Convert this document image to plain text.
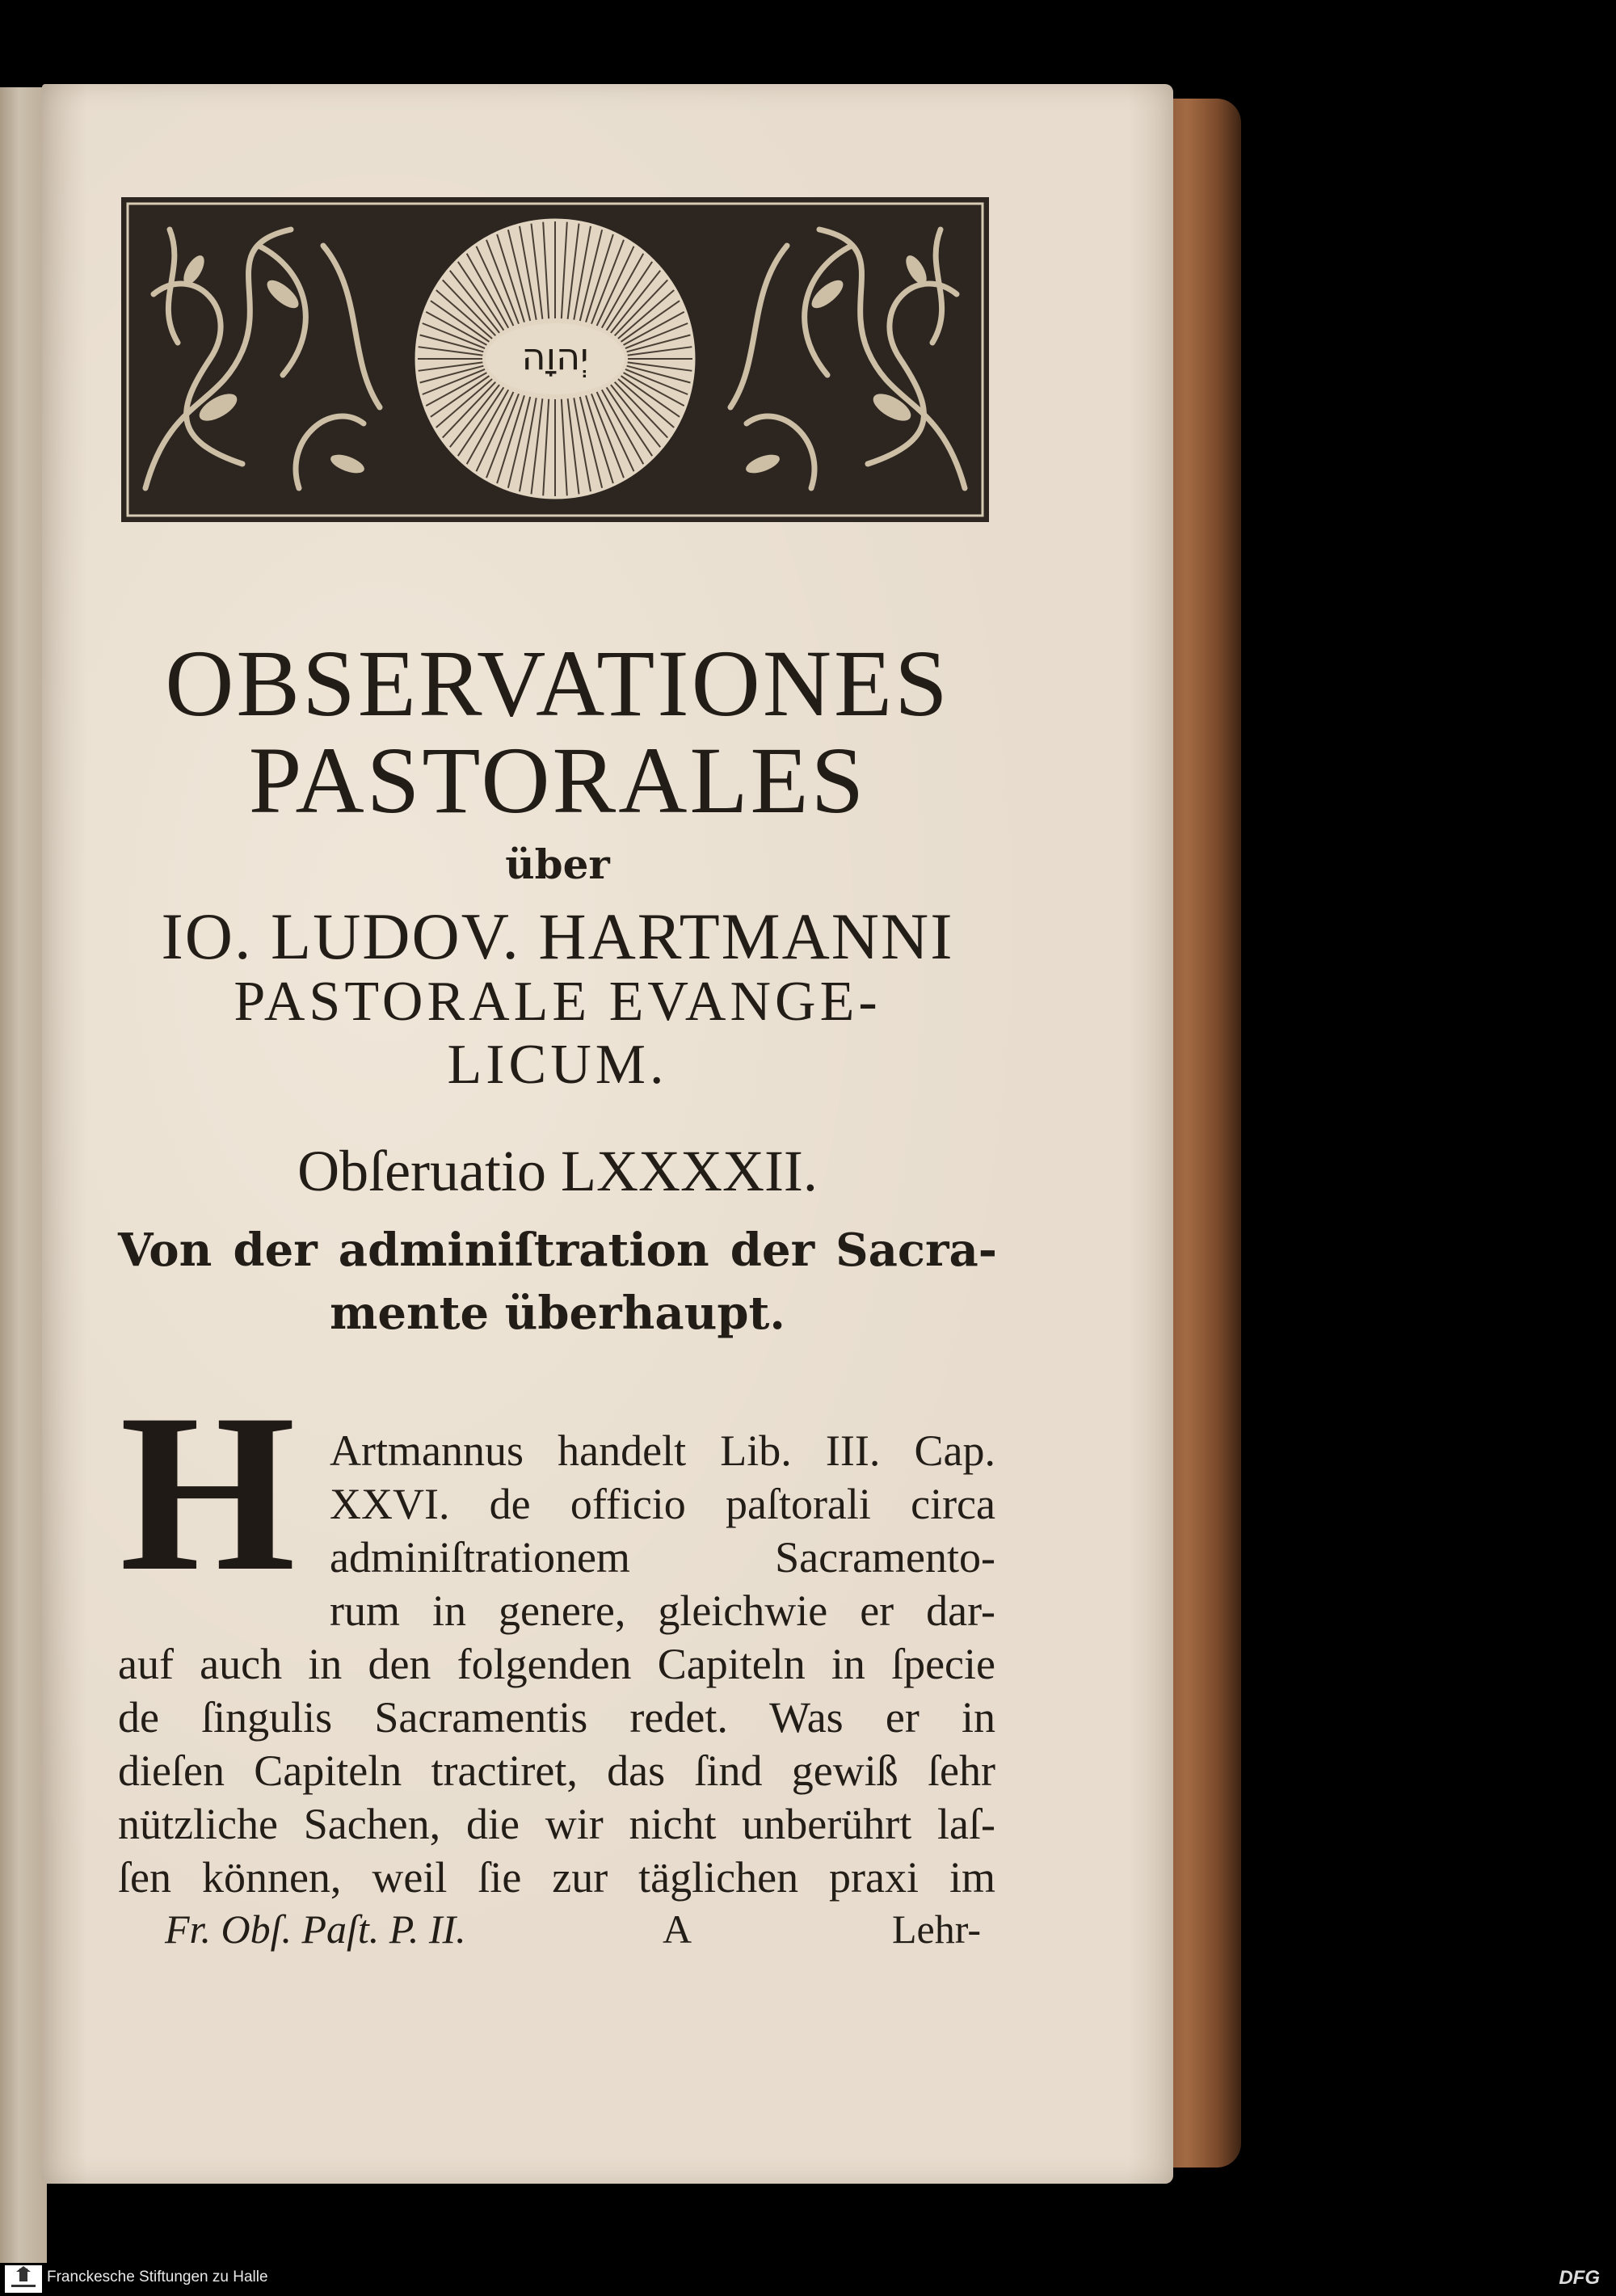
יְהוָה
OBSERVATIONES
PASTORALES
über
IO. LUDOV. HARTMANNI
PASTORALE EVANGE-
LICUM.
Obſeruatio LXXXXII.
Von der adminiſtration der Sacra-
mente überhaupt.
H Artmannus handelt Lib. III. Cap.
XXVI. de officio paſtorali circa
adminiſtrationem Sacramento-
rum in genere, gleichwie er dar-
auf auch in den folgenden Capiteln in ſpecie
de ſingulis Sacramentis redet. Was er in
dieſen Capiteln tractiret, das ſind gewiß ſehr
nützliche Sachen, die wir nicht unberührt laſ-
ſen können, weil ſie zur täglichen praxi im
Fr. Obſ. Paſt. P. II.	A	Lehr-
Franckesche Stiftungen zu Halle	DFG
